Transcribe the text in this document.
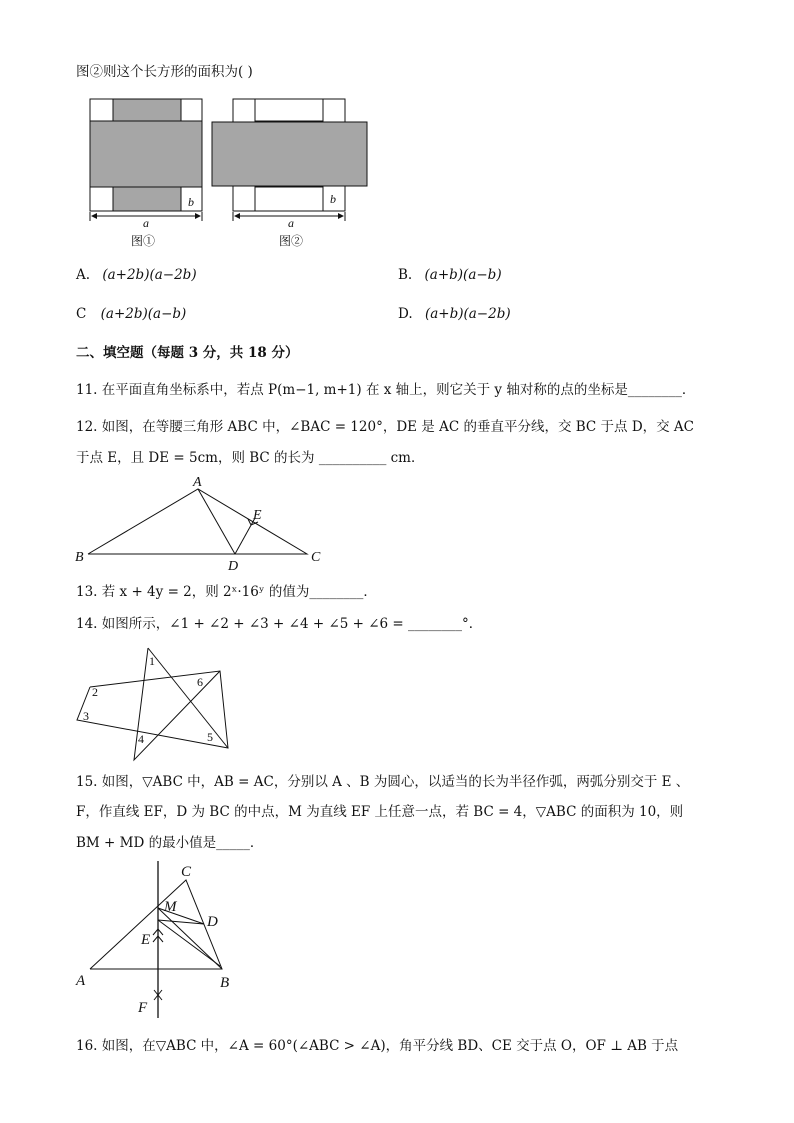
图②则这个长方形的面积为( )
b
a
图①
b
a
图②
A. (a+2b)(a−2b)	B. (a+b)(a−b)
C (a+2b)(a−b)	D. (a+b)(a−2b)
二、填空题（每题 3 分，共 18 分）
11. 在平面直角坐标系中，若点 P(m−1, m+1) 在 x 轴上，则它关于 y 轴对称的点的坐标是________．
12. 如图，在等腰三角形 ABC 中，∠BAC = 120°，DE 是 AC 的垂直平分线，交 BC 于点 D，交 AC
于点 E，且 DE = 5cm，则 BC 的长为 __________ cm．
A
B	C
D
E
13. 若 x + 4y = 2，则 2ˣ·16ʸ 的值为________．
14. 如图所示，∠1 + ∠2 + ∠3 + ∠4 + ∠5 + ∠6 = ________°．
1
2
3
4	5
6
15. 如图，▽ABC 中，AB = AC，分别以 A 、B 为圆心，以适当的长为半径作弧，两弧分别交于 E 、
F，作直线 EF，D 为 BC 的中点，M 为直线 EF 上任意一点，若 BC = 4，▽ABC 的面积为 10，则
BM + MD 的最小值是_____．
C
M
D
E
A	B
F
16. 如图，在▽ABC 中，∠A = 60°(∠ABC > ∠A)，角平分线 BD、CE 交于点 O，OF ⊥ AB 于点
